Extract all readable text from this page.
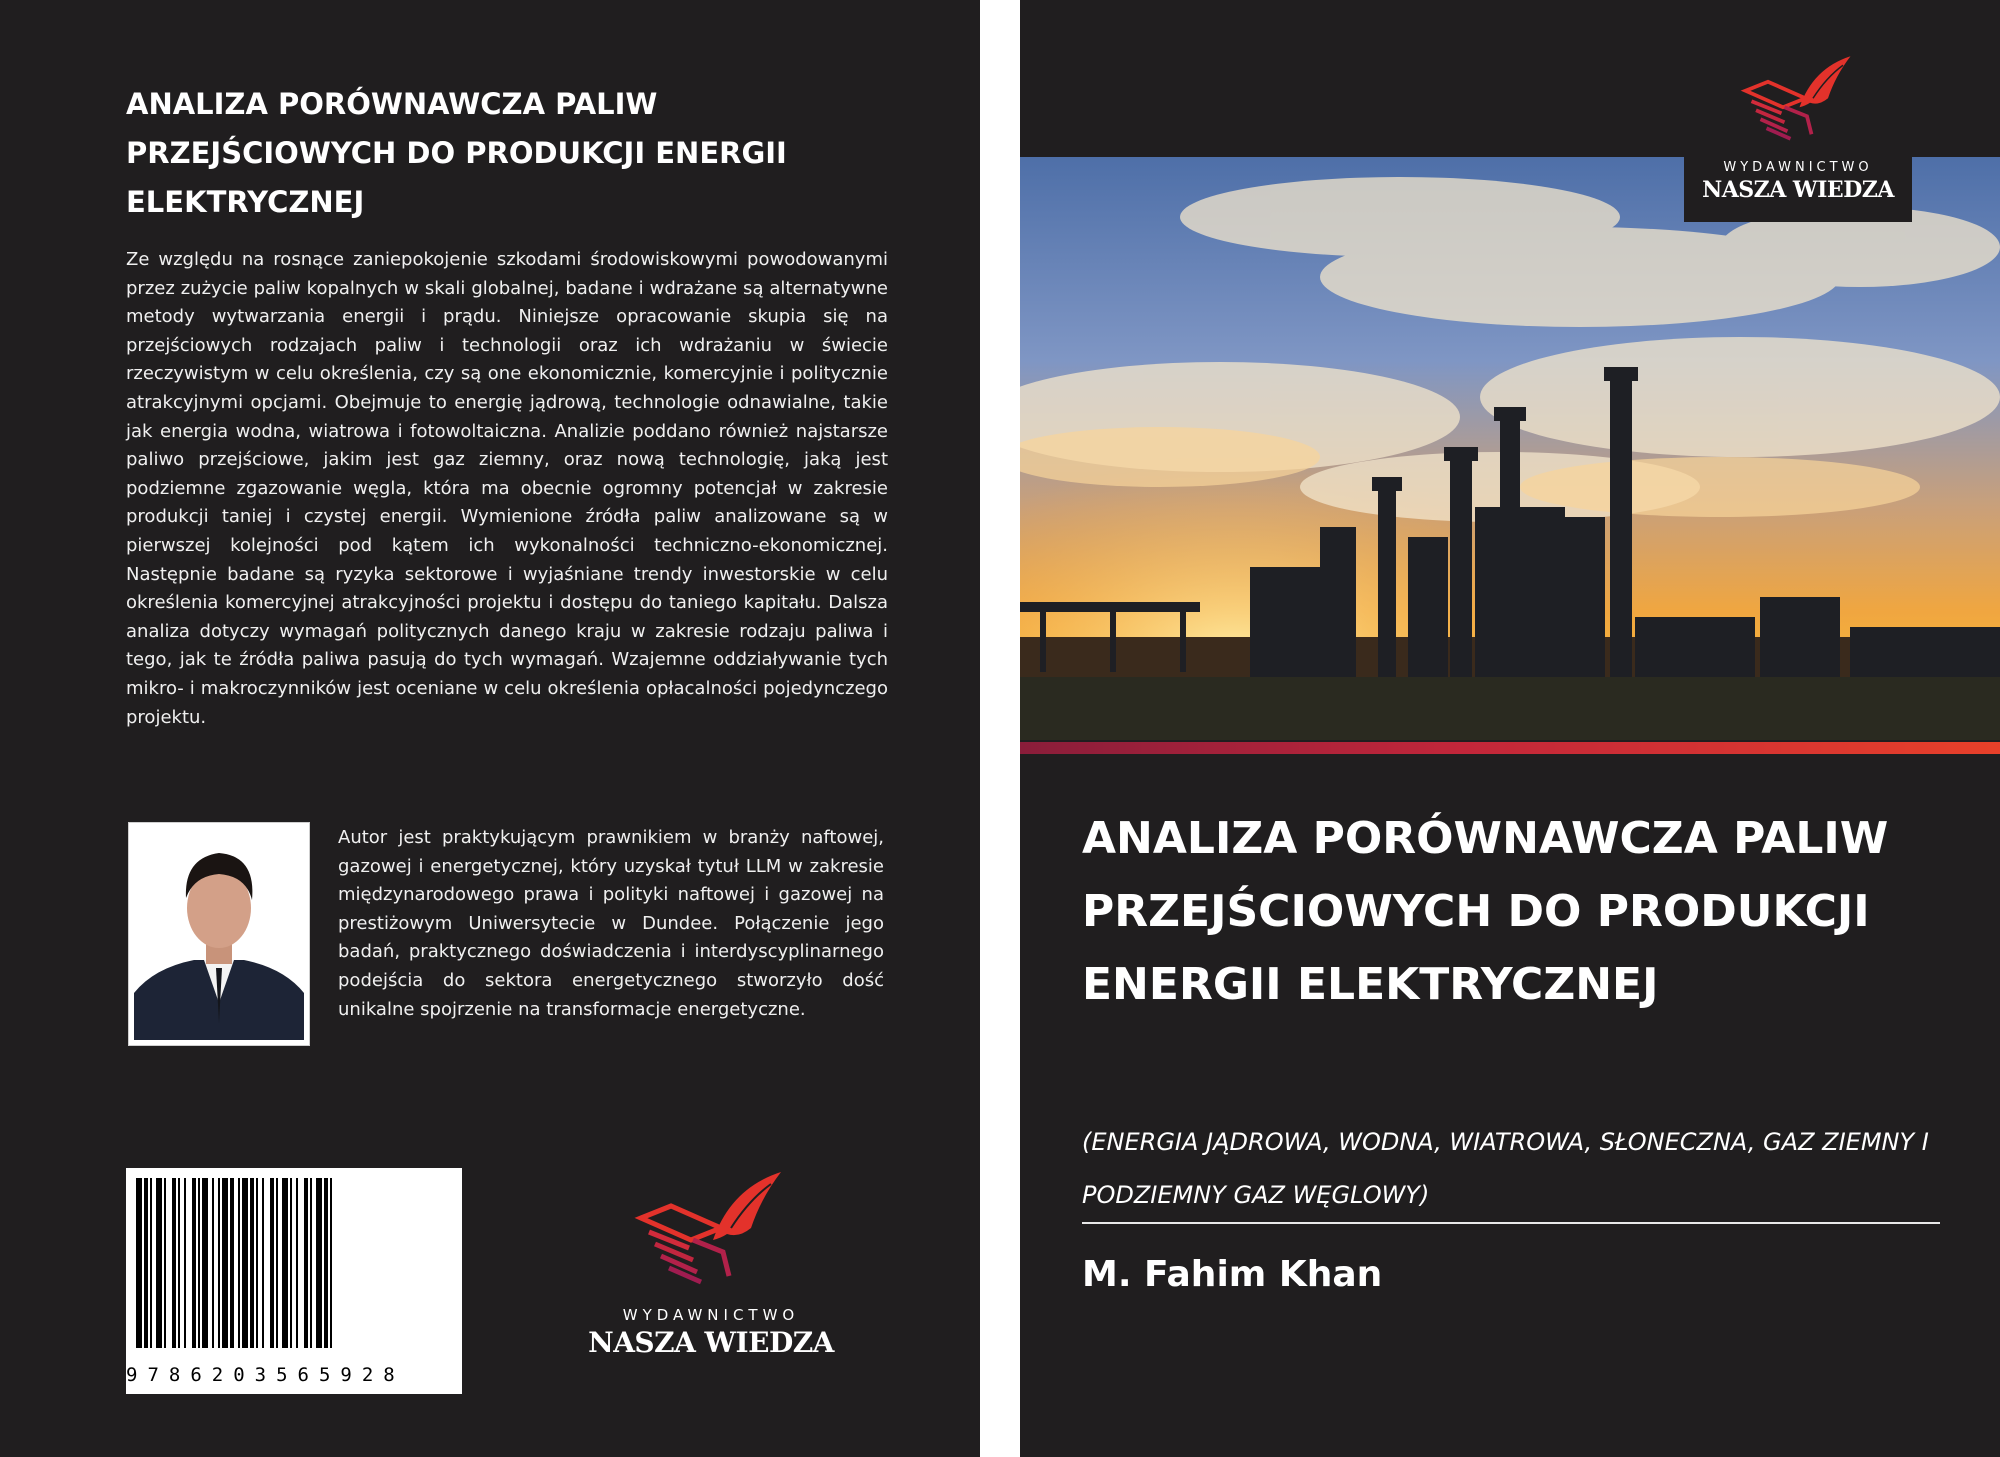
ANALIZA PORÓWNAWCZA PALIW PRZEJŚCIOWYCH DO PRODUKCJI ENERGII ELEKTRYCZNEJ

Ze względu na rosnące zaniepokojenie szkodami środowiskowymi powodowanymi przez zużycie paliw kopalnych w skali globalnej, badane i wdrażane są alternatywne metody wytwarzania energii i prądu. Niniejsze opracowanie skupia się na przejściowych rodzajach paliw i technologii oraz ich wdrażaniu w świecie rzeczywistym w celu określenia, czy są one ekonomicznie, komercyjnie i politycznie atrakcyjnymi opcjami. Obejmuje to energię jądrową, technologie odnawialne, takie jak energia wodna, wiatrowa i fotowoltaiczna. Analizie poddano również najstarsze paliwo przejściowe, jakim jest gaz ziemny, oraz nową technologię, jaką jest podziemne zgazowanie węgla, która ma obecnie ogromny potencjał w zakresie produkcji taniej i czystej energii. Wymienione źródła paliw analizowane są w pierwszej kolejności pod kątem ich wykonalności techniczno-ekonomicznej. Następnie badane są ryzyka sektorowe i wyjaśniane trendy inwestorskie w celu określenia komercyjnej atrakcyjności projektu i dostępu do taniego kapitału. Dalsza analiza dotyczy wymagań politycznych danego kraju w zakresie rodzaju paliwa i tego, jak te źródła paliwa pasują do tych wymagań. Wzajemne oddziaływanie tych mikro- i makroczynników jest oceniane w celu określenia opłacalności pojedynczego projektu.

Autor jest praktykującym prawnikiem w branży naftowej, gazowej i energetycznej, który uzyskał tytuł LLM w zakresie międzynarodowego prawa i polityki naftowej i gazowej na prestiżowym Uniwersytecie w Dundee. Połączenie jego badań, praktycznego doświadczenia i interdyscyplinarnego podejścia do sektora energetycznego stworzyło dość unikalne spojrzenie na transformacje energetyczne.

9786203565928
WYDAWNICTWO
NASZA WIEDZA
WYDAWNICTWO
NASZA WIEDZA
ANALIZA PORÓWNAWCZA PALIW PRZEJŚCIOWYCH DO PRODUKCJI ENERGII ELEKTRYCZNEJ

(ENERGIA JĄDROWA, WODNA, WIATROWA, SŁONECZNA, GAZ ZIEMNY I PODZIEMNY GAZ WĘGLOWY)

M. Fahim Khan
